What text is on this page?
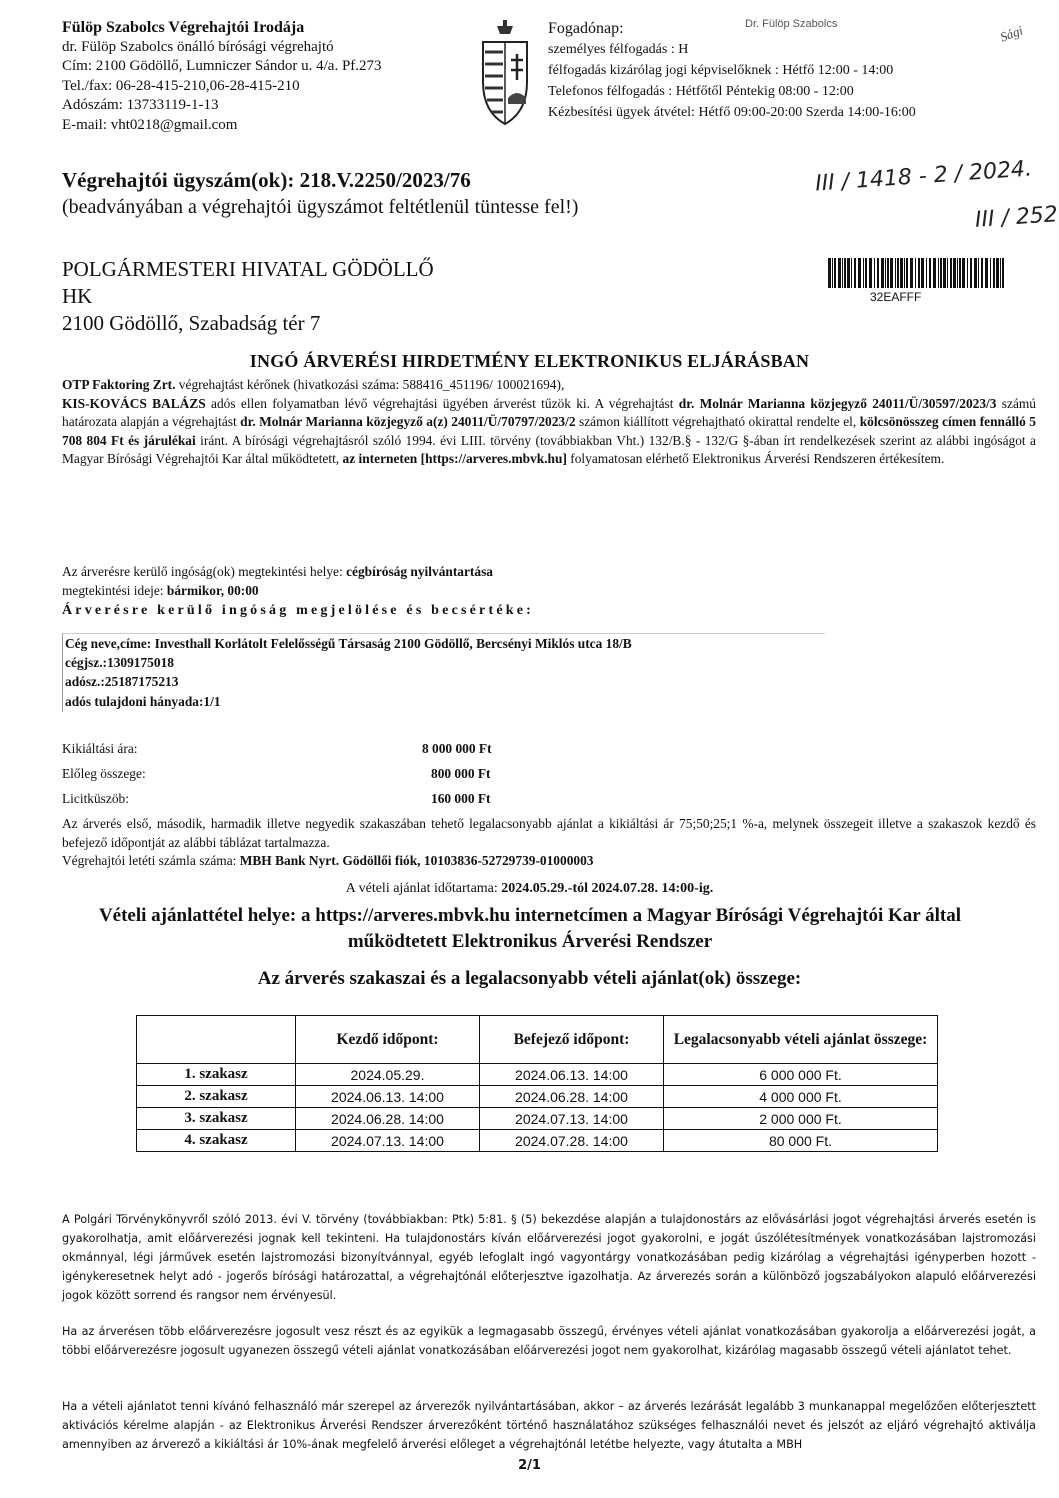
Fülöp Szabolcs Végrehajtói Irodája
dr. Fülöp Szabolcs önálló bírósági végrehajtó
Cím: 2100 Gödöllő, Lumniczer Sándor u. 4/a. Pf.273
Tel./fax: 06-28-415-210,06-28-415-210
Adószám: 13733119-1-13
E-mail: vht0218@gmail.com
Fogadónap:
személyes félfogadás : H
félfogadás kizárólag jogi képviselőknek : Hétfő 12:00 - 14:00
Telefonos félfogadás : Hétfőtől Péntekig 08:00 - 12:00
Kézbesítési ügyek átvétel: Hétfő 09:00-20:00 Szerda 14:00-16:00
Dr. Fülöp Szabolcs	Sági
Végrehajtói ügyszám(ok): 218.V.2250/2023/76
(beadványában a végrehajtói ügyszámot feltétlenül tüntesse fel!)
III / 1418 - 2 / 2024.
III / 252
POLGÁRMESTERI HIVATAL GÖDÖLLŐ
HK
2100 Gödöllő, Szabadság tér 7
32EAFFF
INGÓ ÁRVERÉSI HIRDETMÉNY ELEKTRONIKUS ELJÁRÁSBAN
OTP Faktoring Zrt. végrehajtást kérőnek (hivatkozási száma: 588416_451196/ 100021694),
KIS-KOVÁCS BALÁZS adós ellen folyamatban lévő végrehajtási ügyében árverést tűzök ki. A végrehajtást dr. Molnár Marianna közjegyző 24011/Ü/30597/2023/3 számú határozata alapján a végrehajtást dr. Molnár Marianna közjegyző a(z) 24011/Ü/70797/2023/2 számon kiállított végrehajtható okirattal rendelte el, kölcsönösszeg címen fennálló 5 708 804 Ft és járulékai iránt. A bírósági végrehajtásról szóló 1994. évi LIII. törvény (továbbiakban Vht.) 132/B.§ - 132/G §-ában írt rendelkezések szerint az alábbi ingóságot a Magyar Bírósági Végrehajtói Kar által működtetett, az interneten [https://arveres.mbvk.hu] folyamatosan elérhető Elektronikus Árverési Rendszeren értékesítem.
Az árverésre kerülő ingóság(ok) megtekintési helye: cégbíróság nyilvántartása
megtekintési ideje: bármikor, 00:00
Árverésre kerülő ingóság megjelölése és becsértéke:
Cég neve,címe: Investhall Korlátolt Felelősségű Társaság 2100 Gödöllő, Bercsényi Miklós utca 18/B
cégjsz.:1309175018
adósz.:25187175213
adós tulajdoni hányada:1/1
Kikiáltási ára:	8 000 000 Ft
Előleg összege:	800 000 Ft
Licitküszöb:	160 000 Ft
Az árverés első, második, harmadik illetve negyedik szakaszában tehető legalacsonyabb ajánlat a kikiáltási ár 75;50;25;1 %-a, melynek összegeit illetve a szakaszok kezdő és befejező időpontját az alábbi táblázat tartalmazza.
Végrehajtói letéti számla száma: MBH Bank Nyrt. Gödöllői fiók, 10103836-52729739-01000003
A vételi ajánlat időtartama: 2024.05.29.-tól 2024.07.28. 14:00-ig.
Vételi ajánlattétel helye: a https://arveres.mbvk.hu internetcímen a Magyar Bírósági Végrehajtói Kar által működtetett Elektronikus Árverési Rendszer
Az árverés szakaszai és a legalacsonyabb vételi ajánlat(ok) összege:
	Kezdő időpont:	Befejező időpont:	Legalacsonyabb vételi ajánlat összege:
1. szakasz	2024.05.29.	2024.06.13. 14:00	6 000 000 Ft.
2. szakasz	2024.06.13. 14:00	2024.06.28. 14:00	4 000 000 Ft.
3. szakasz	2024.06.28. 14:00	2024.07.13. 14:00	2 000 000 Ft.
4. szakasz	2024.07.13. 14:00	2024.07.28. 14:00	80 000 Ft.
A Polgári Törvénykönyvről szóló 2013. évi V. törvény (továbbiakban: Ptk) 5:81. § (5) bekezdése alapján a tulajdonostárs az elővásárlási jogot végrehajtási árverés esetén is gyakorolhatja, amit előárverezési jognak kell tekinteni. Ha tulajdonostárs kíván előárverezési jogot gyakorolni, e jogát úszólétesítmények vonatkozásában lajstromozási okmánnyal, légi járművek esetén lajstromozási bizonyítvánnyal, egyéb lefoglalt ingó vagyontárgy vonatkozásában pedig kizárólag a végrehajtási igényperben hozott - igénykeresetnek helyt adó - jogerős bírósági határozattal, a végrehajtónál előterjesztve igazolhatja. Az árverezés során a különböző jogszabályokon alapuló előárverezési jogok között sorrend és rangsor nem érvényesül.
Ha az árverésen több előárverezésre jogosult vesz részt és az egyikük a legmagasabb összegű, érvényes vételi ajánlat vonatkozásában gyakorolja a előárverezési jogát, a többi előárverezésre jogosult ugyanezen összegű vételi ajánlat vonatkozásában előárverezési jogot nem gyakorolhat, kizárólag magasabb összegű vételi ajánlatot tehet.
Ha a vételi ajánlatot tenni kívánó felhasználó már szerepel az árverezők nyilvántartásában, akkor – az árverés lezárását legalább 3 munkanappal megelőzően előterjesztett aktivációs kérelme alapján - az Elektronikus Árverési Rendszer árverezőként történő használatához szükséges felhasználói nevet és jelszót az eljáró végrehajtó aktiválja amennyiben az árverező a kikiáltási ár 10%-ának megfelelő árverési előleget a végrehajtónál letétbe helyezte, vagy átutalta a MBH
2/1
